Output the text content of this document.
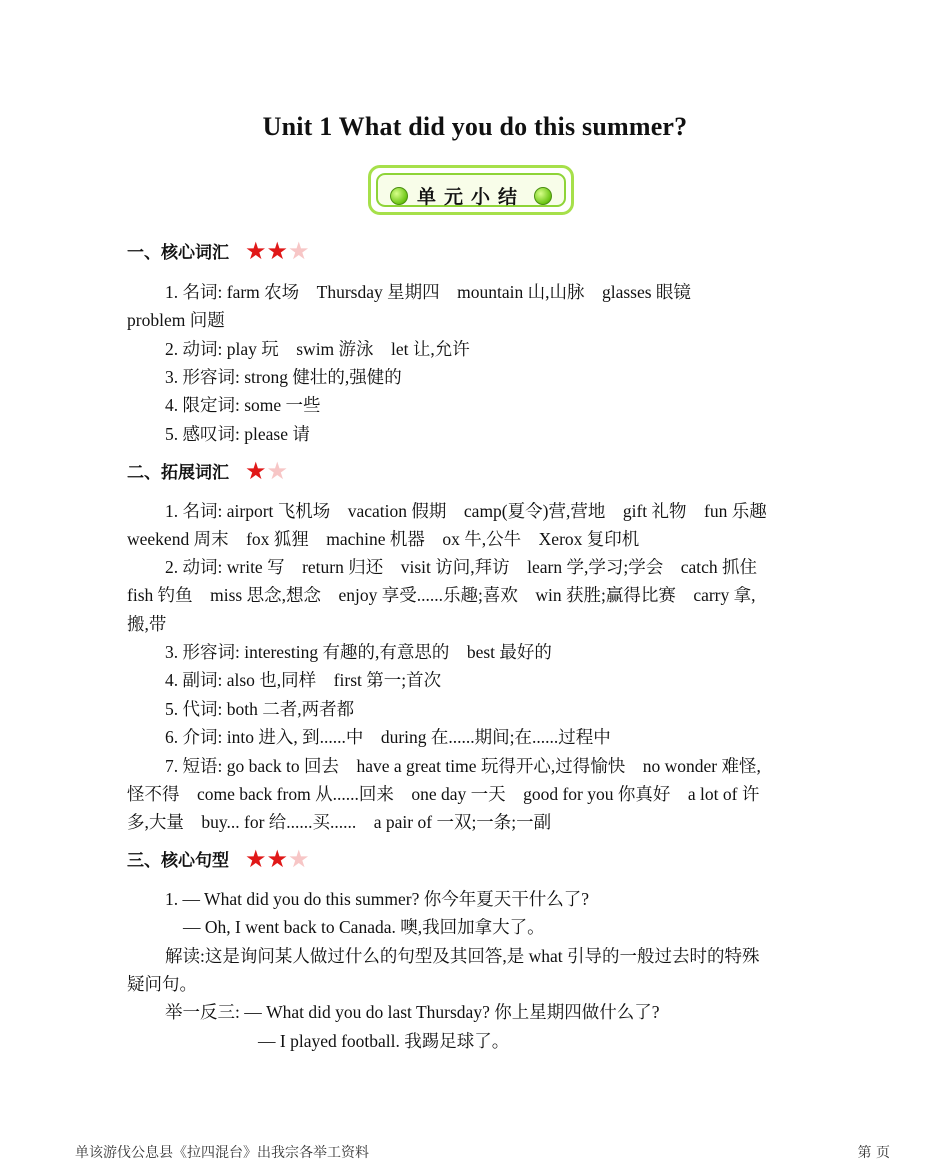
Unit 1 What did you do this summer?
单元小结
一、核心词汇 ★ ★ ★
1. 名词: farm 农场　Thursday 星期四　mountain 山,山脉　glasses 眼镜
problem 问题
2. 动词: play 玩　swim 游泳　let 让,允许
3. 形容词: strong 健壮的,强健的
4. 限定词: some 一些
5. 感叹词: please 请
二、拓展词汇 ★ ★
1. 名词: airport 飞机场　vacation 假期　camp(夏令)营,营地　gift 礼物　fun 乐趣
weekend 周末　fox 狐狸　machine 机器　ox 牛,公牛　Xerox 复印机
2. 动词: write 写　return 归还　visit 访问,拜访　learn 学,学习;学会　catch 抓住
fish 钓鱼　miss 思念,想念　enjoy 享受......乐趣;喜欢　win 获胜;赢得比赛　carry 拿,
搬,带
3. 形容词: interesting 有趣的,有意思的　best 最好的
4. 副词: also 也,同样　first 第一;首次
5. 代词: both 二者,两者都
6. 介词: into 进入, 到......中　during 在......期间;在......过程中
7. 短语: go back to 回去　have a great time 玩得开心,过得愉快　no wonder 难怪,
怪不得　come back from 从......回来　one day 一天　good for you 你真好　a lot of 许
多,大量　buy... for 给......买......　a pair of 一双;一条;一副
三、核心句型 ★ ★ ★
1. — What did you do this summer? 你今年夏天干什么了?
— Oh, I went back to Canada. 噢,我回加拿大了。
解读:这是询问某人做过什么的句型及其回答,是 what 引导的一般过去时的特殊
疑问句。
举一反三: — What did you do last Thursday? 你上星期四做什么了?
— I played football. 我踢足球了。
单该游伐公息县《拉四混台》出我宗各举工资料	第 页
